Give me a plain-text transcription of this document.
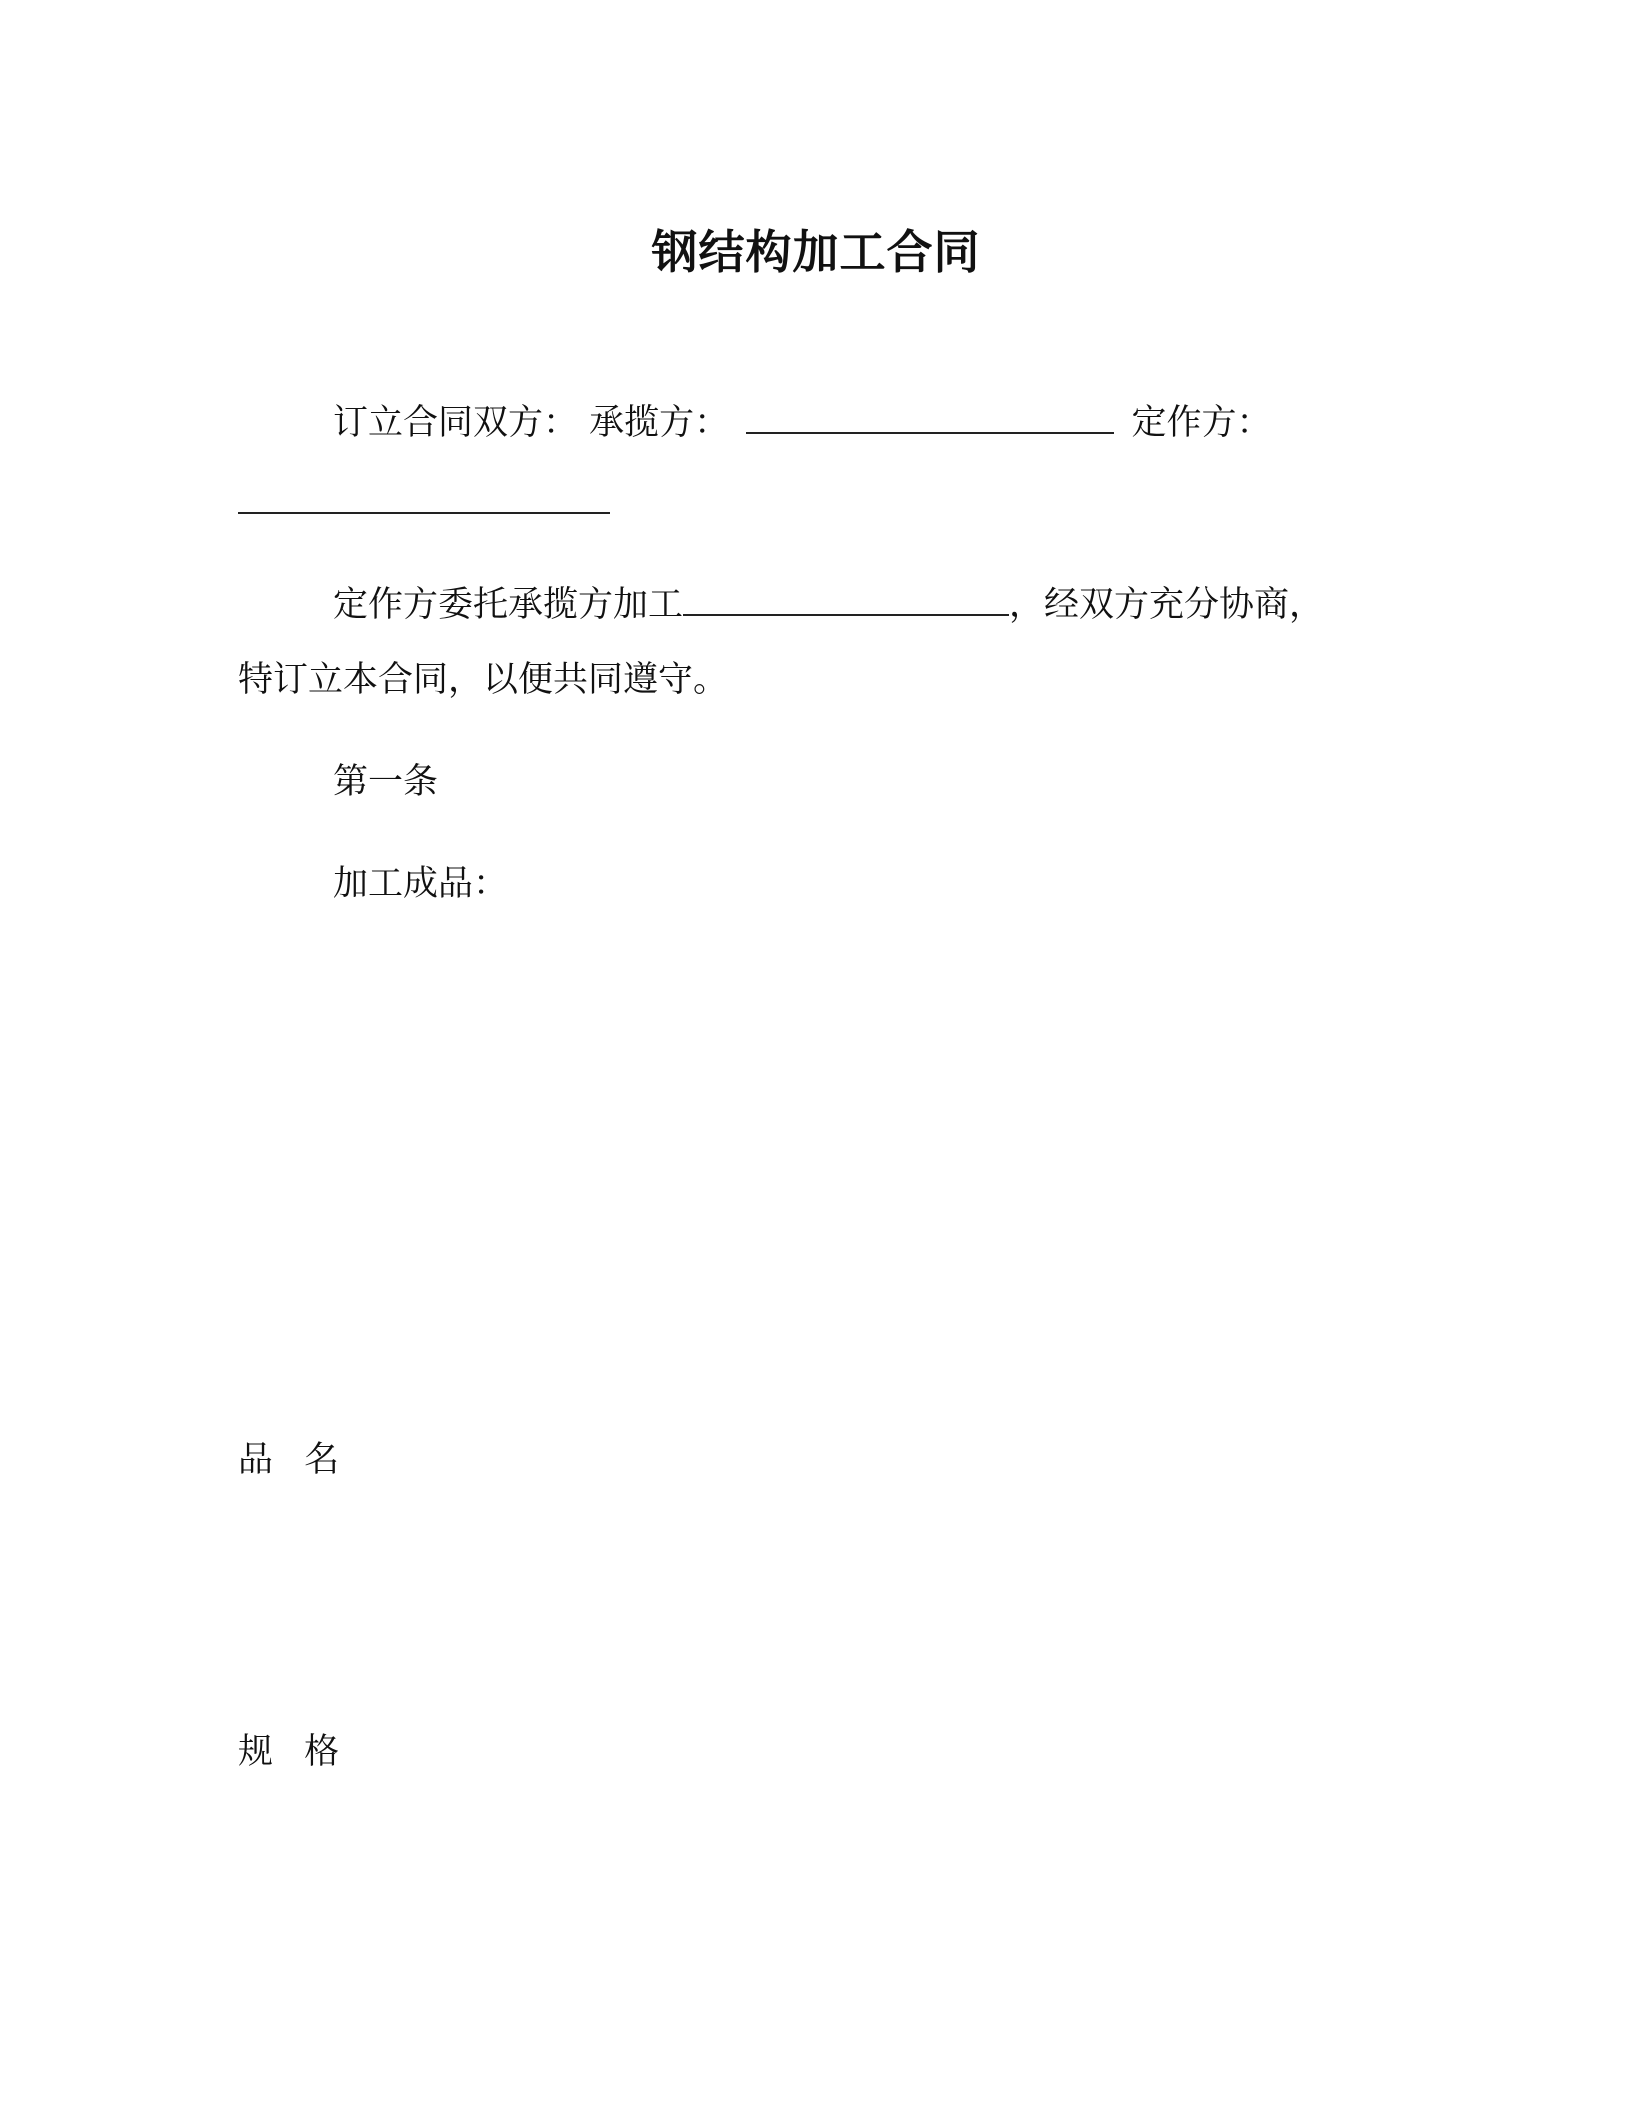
钢结构加工合同
订立合同双方： 承揽方：	定作方：
定作方委托承揽方加工	，经双方充分协商，
特订立本合同，以便共同遵守。
第一条
加工成品：
品 名
规 格
